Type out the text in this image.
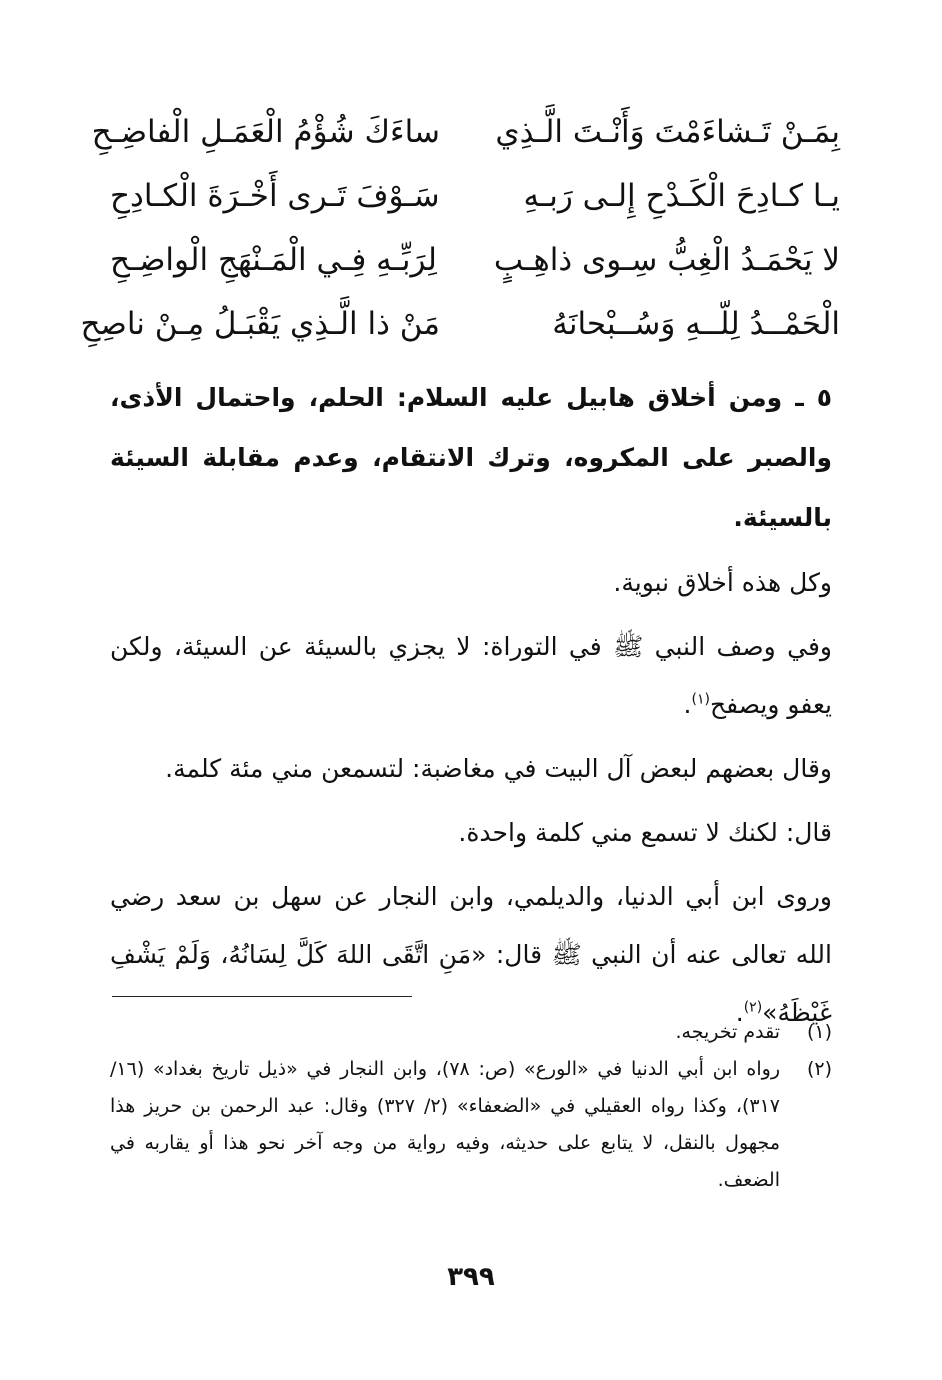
بِمَـنْ تَـشاءَمْتَ وَأَنْـتَ الَّـذِي
ساءَكَ شُؤْمُ الْعَمَـلِ الْفاضِـحِ
يـا كـادِحَ الْكَـدْحِ إِلـى رَبـهِ
سَـوْفَ تَـرى أَخْـرَةَ الْكـادِحِ
لا يَحْمَـدُ الْغِبُّ سِـوى ذاهِـبٍ
لِرَبِّـهِ فِـي الْمَـنْهَجِ الْواضِـحِ
الْحَمْــدُ لِلّــهِ وَسُــبْحانَهُ
مَنْ ذا الَّـذِي يَقْبَـلُ مِـنْ ناصِحِ

٥ ـ ومن أخلاق هابيل عليه السلام: الحلم، واحتمال الأذى، والصبر على المكروه، وترك الانتقام، وعدم مقابلة السيئة بالسيئة.

وكل هذه أخلاق نبوية.

وفي وصف النبي ﷺ في التوراة: لا يجزي بالسيئة عن السيئة، ولكن يعفو ويصفح$^{(١)}$.

وقال بعضهم لبعض آل البيت في مغاضبة: لتسمعن مني مئة كلمة.

قال: لكنك لا تسمع مني كلمة واحدة.

وروى ابن أبي الدنيا، والديلمي، وابن النجار عن سهل بن سعد رضي الله تعالى عنه أن النبي ﷺ قال: «مَنِ اتَّقَى اللهَ كَلَّ لِسَانُهُ، وَلَمْ يَشْفِ غَيْظَهُ»$^{(٢)}$.

(١)
تقدم تخريجه.
(٢)
رواه ابن أبي الدنيا في «الورع» (ص: ٧٨)، وابن النجار في «ذيل تاريخ بغداد» (١٦/ ٣١٧)، وكذا رواه العقيلي في «الضعفاء» (٢/ ٣٢٧) وقال: عبد الرحمن بن حريز هذا مجهول بالنقل، لا يتابع على حديثه، وفيه رواية من وجه آخر نحو هذا أو يقاربه في الضعف.
٣٩٩
